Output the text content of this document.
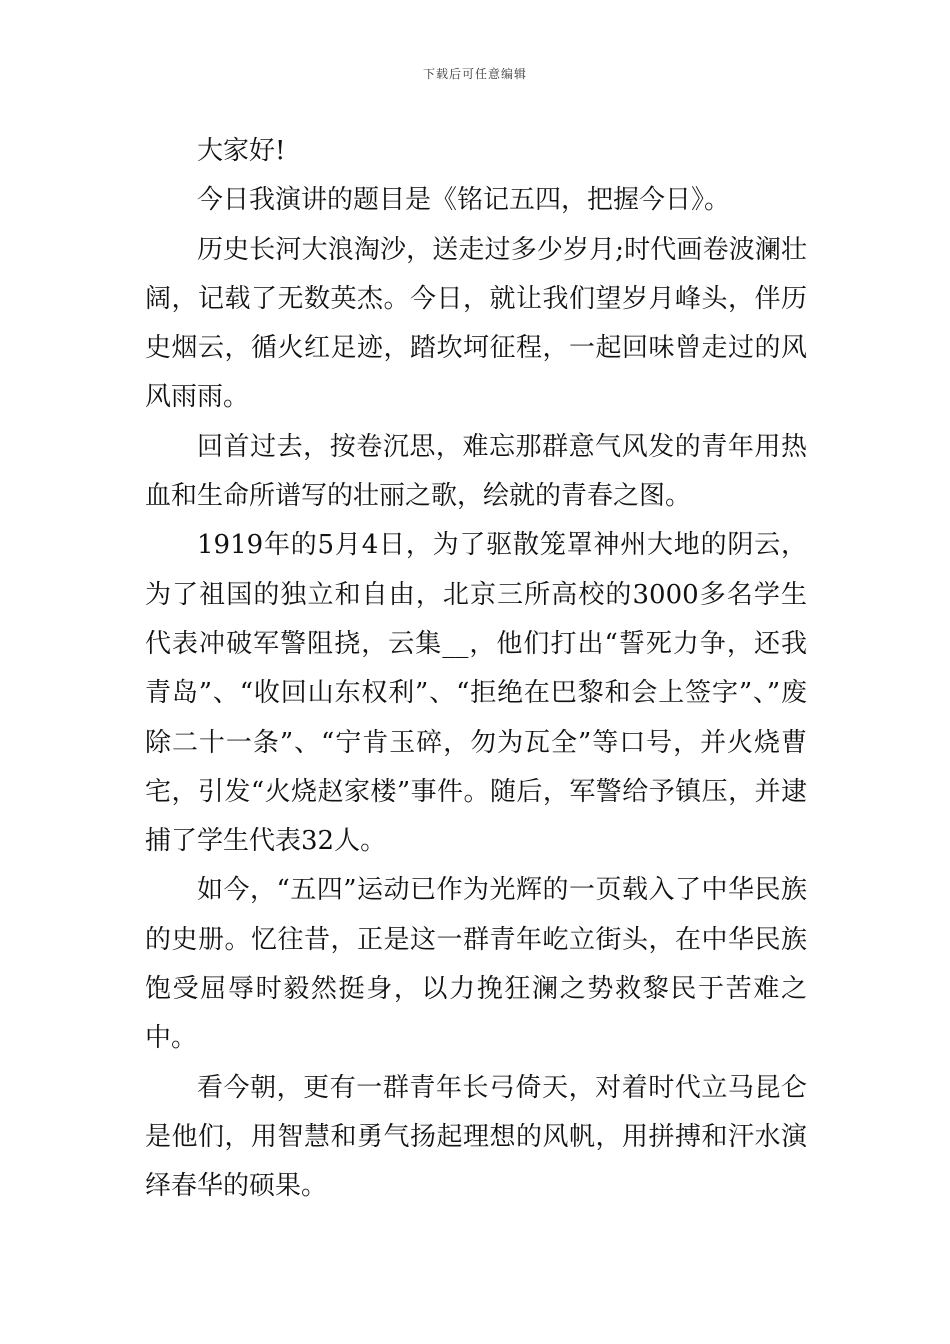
下载后可任意编辑

大家好!

今日我演讲的题目是《铭记五四，把握今日》。

历史长河大浪淘沙，送走过多少岁月;时代画卷波澜壮阔，记载了无数英杰。今日，就让我们望岁月峰头，伴历史烟云，循火红足迹，踏坎坷征程，一起回味曾走过的风风雨雨。

回首过去，按卷沉思，难忘那群意气风发的青年用热血和生命所谱写的壮丽之歌，绘就的青春之图。

1919年的5月4日，为了驱散笼罩神州大地的阴云，为了祖国的独立和自由，北京三所高校的3000多名学生代表冲破军警阻挠，云集__，他们打出“誓死力争，还我青岛”、“收回山东权利”、“拒绝在巴黎和会上签字”、”废除二十一条”、“宁肯玉碎，勿为瓦全”等口号，并火烧曹宅，引发“火烧赵家楼”事件。随后，军警给予镇压，并逮捕了学生代表32人。

如今，“五四”运动已作为光辉的一页载入了中华民族的史册。忆往昔，正是这一群青年屹立街头，在中华民族饱受屈辱时毅然挺身，以力挽狂澜之势救黎民于苦难之中。

看今朝，更有一群青年长弓倚天，对着时代立马昆仑是他们，用智慧和勇气扬起理想的风帆，用拼搏和汗水演绎春华的硕果。
